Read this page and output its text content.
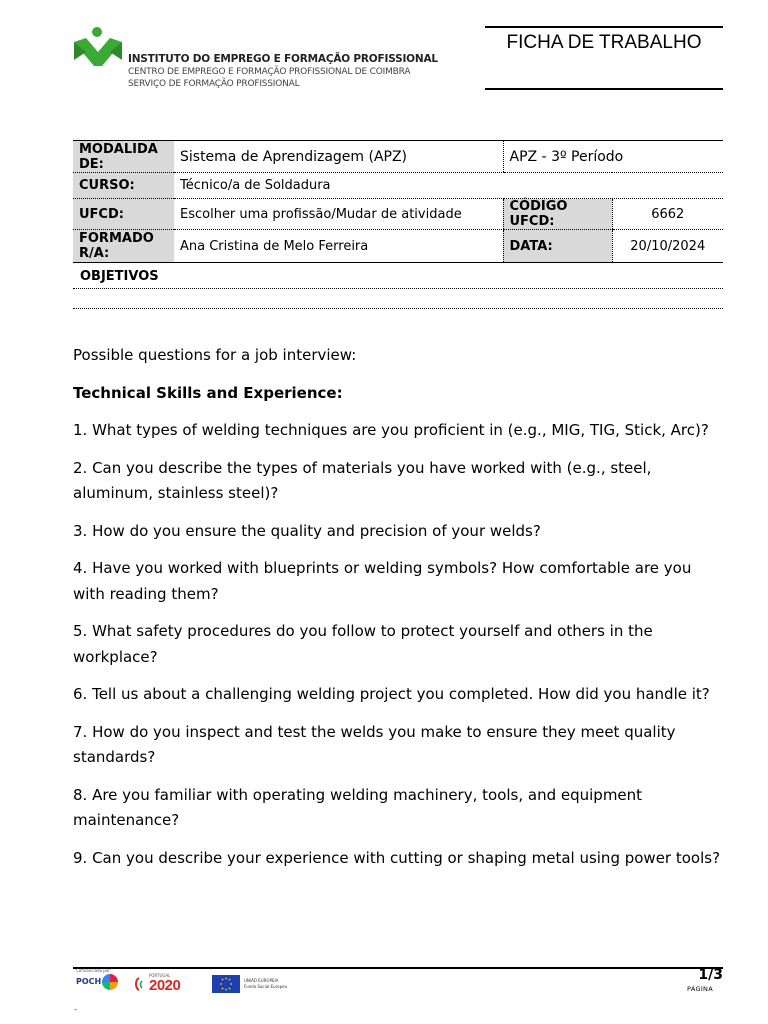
INSTITUTO DO EMPREGO E FORMAÇÃO PROFISSIONAL
CENTRO DE EMPREGO E FORMAÇÃO PROFISSIONAL DE COIMBRA
SERVIÇO DE FORMAÇÃO PROFISSIONAL
FICHA DE TRABALHO
MODALIDA DE:	Sistema de Aprendizagem (APZ)	APZ - 3º Período	
CURSO:	Técnico/a de Soldadura		
UFCD:	Escolher uma profissão/Mudar de atividade	CÓDIGO UFCD:	6662
FORMADO R/A:	Ana Cristina de Melo Ferreira	DATA:	20/10/2024
OBJETIVOS

Possible questions for a job interview:

Technical Skills and Experience:

1. What types of welding techniques are you proficient in (e.g., MIG, TIG, Stick, Arc)?

2. Can you describe the types of materials you have worked with (e.g., steel, aluminum, stainless steel)?

3. How do you ensure the quality and precision of your welds?

4. Have you worked with blueprints or welding symbols? How comfortable are you with reading them?

5. What safety procedures do you follow to protect yourself and others in the workplace?

6. Tell us about a challenging welding project you completed. How did you handle it?

7. How do you inspect and test the welds you make to ensure they meet quality standards?

8. Are you familiar with operating welding machinery, tools, and equipment maintenance?

9. Can you describe your experience with cutting or shaping metal using power tools?

Cofinanciado por:
POCH
PORTUGAL
2020	UNIÃO EUROPEIA
Fundo Social Europeu
1/3
PÁGINA
-
